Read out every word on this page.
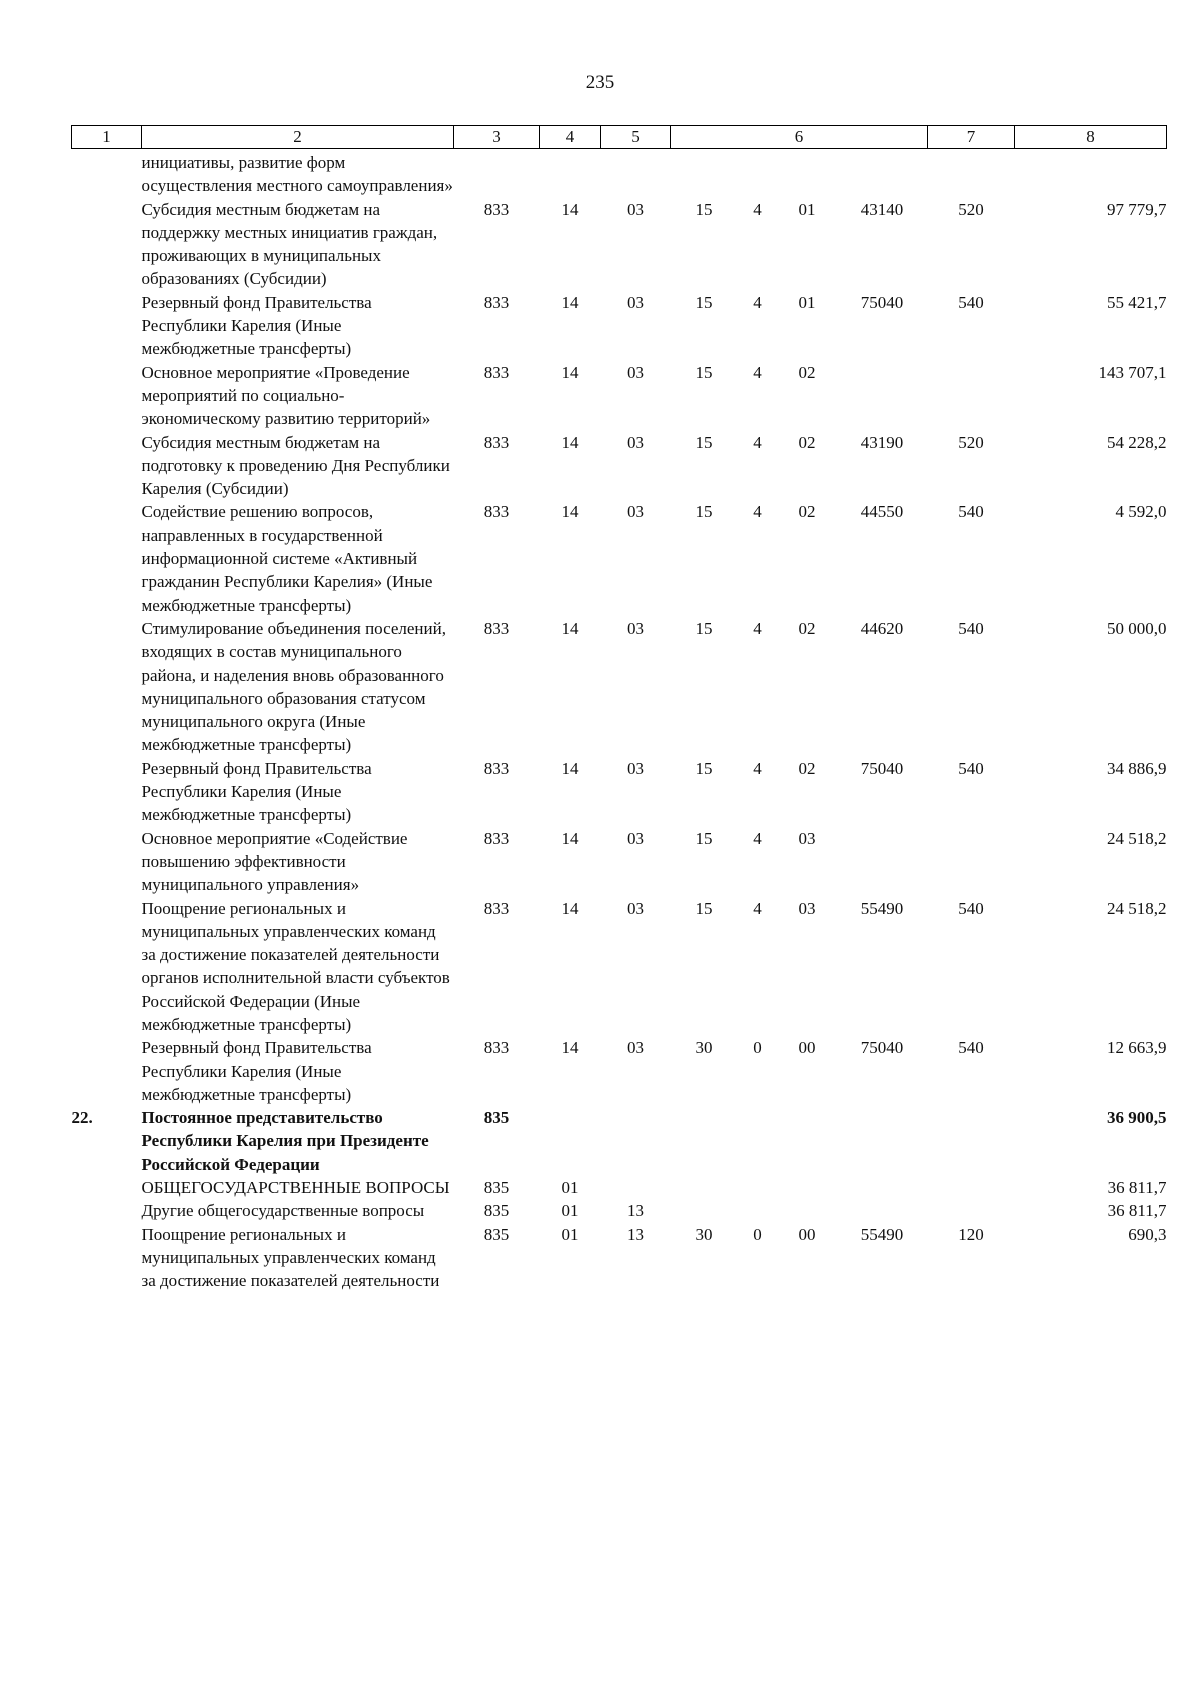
235
1	2	3	4	5	6				7	8
	инициативы, развитие форм осуществления местного самоуправления»									
	Субсидия местным бюджетам на поддержку местных инициатив граждан, проживающих в муниципальных образованиях (Субсидии)	833	14	03	15	4	01	43140	520	97 779,7
	Резервный фонд Правительства Республики Карелия (Иные межбюджетные трансферты)	833	14	03	15	4	01	75040	540	55 421,7
	Основное мероприятие «Проведение мероприятий по социально-экономическому развитию территорий»	833	14	03	15	4	02			143 707,1
	Субсидия местным бюджетам на подготовку к проведению Дня Республики Карелия (Субсидии)	833	14	03	15	4	02	43190	520	54 228,2
	Содействие решению вопросов, направленных в государственной информационной системе «Активный гражданин Республики Карелия» (Иные межбюджетные трансферты)	833	14	03	15	4	02	44550	540	4 592,0
	Стимулирование объединения поселений, входящих в состав муниципального района, и наделения вновь образованного муниципального образования статусом муниципального округа (Иные межбюджетные трансферты)	833	14	03	15	4	02	44620	540	50 000,0
	Резервный фонд Правительства Республики Карелия (Иные межбюджетные трансферты)	833	14	03	15	4	02	75040	540	34 886,9
	Основное мероприятие «Содействие повышению эффективности муниципального управления»	833	14	03	15	4	03			24 518,2
	Поощрение региональных и муниципальных управленческих команд за достижение показателей деятельности органов исполнительной власти субъектов Российской Федерации (Иные межбюджетные трансферты)	833	14	03	15	4	03	55490	540	24 518,2
	Резервный фонд Правительства Республики Карелия (Иные межбюджетные трансферты)	833	14	03	30	0	00	75040	540	12 663,9
22.	Постоянное представительство Республики Карелия при Президенте Российской Федерации	835								36 900,5
	ОБЩЕГОСУДАРСТВЕННЫЕ ВОПРОСЫ	835	01							36 811,7
	Другие общегосударственные вопросы	835	01	13						36 811,7
	Поощрение региональных и муниципальных управленческих команд за достижение показателей деятельности	835	01	13	30	0	00	55490	120	690,3
